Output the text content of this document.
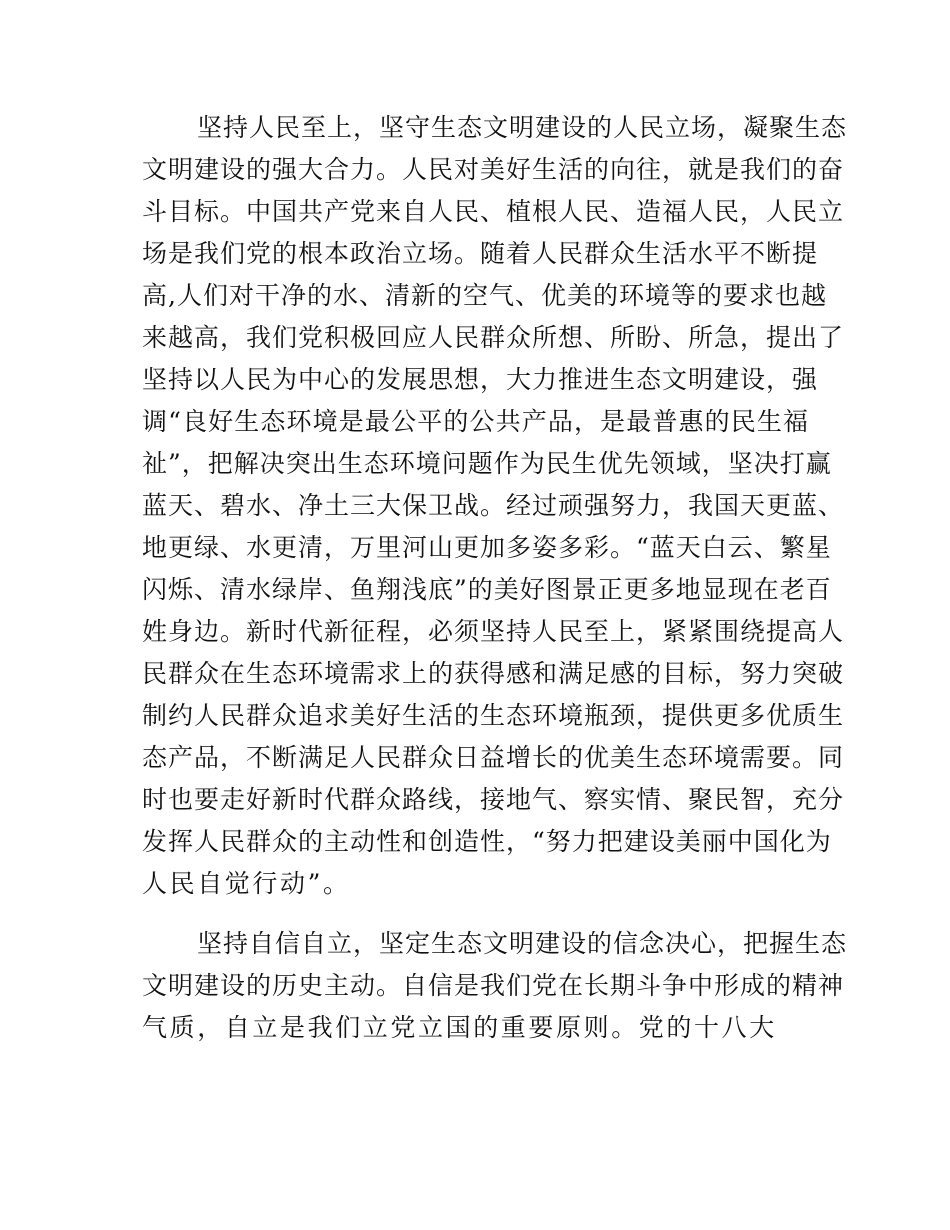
坚持人民至上，坚守生态文明建设的人民立场，凝聚生态
文明建设的强大合力。人民对美好生活的向往，就是我们的奋
斗目标。中国共产党来自人民、植根人民、造福人民，人民立
场是我们党的根本政治立场。随着人民群众生活水平不断提
高,人们对干净的水、清新的空气、优美的环境等的要求也越
来越高，我们党积极回应人民群众所想、所盼、所急，提出了
坚持以人民为中心的发展思想，大力推进生态文明建设，强
调“良好生态环境是最公平的公共产品，是最普惠的民生福
祉”，把解决突出生态环境问题作为民生优先领域，坚决打赢
蓝天、碧水、净土三大保卫战。经过顽强努力，我国天更蓝、
地更绿、水更清，万里河山更加多姿多彩。“蓝天白云、繁星
闪烁、清水绿岸、鱼翔浅底”的美好图景正更多地显现在老百
姓身边。新时代新征程，必须坚持人民至上，紧紧围绕提高人
民群众在生态环境需求上的获得感和满足感的目标，努力突破
制约人民群众追求美好生活的生态环境瓶颈，提供更多优质生
态产品，不断满足人民群众日益增长的优美生态环境需要。同
时也要走好新时代群众路线，接地气、察实情、聚民智，充分
发挥人民群众的主动性和创造性，“努力把建设美丽中国化为
人民自觉行动”。
坚持自信自立，坚定生态文明建设的信念决心，把握生态
文明建设的历史主动。自信是我们党在长期斗争中形成的精神
气质，自立是我们立党立国的重要原则。党的十八大
